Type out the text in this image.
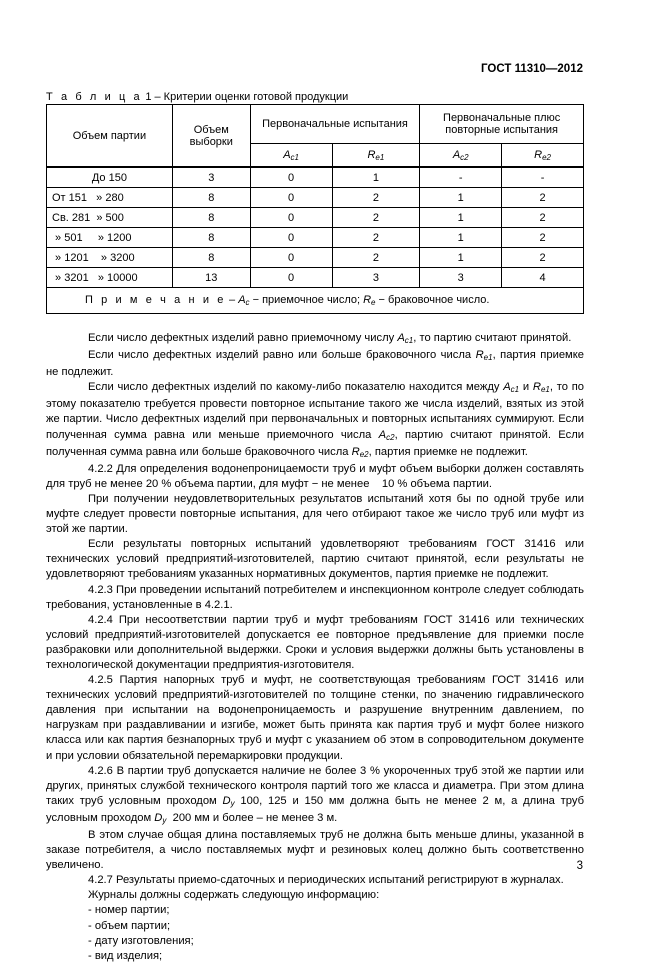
ГОСТ 11310—2012
Т а б л и ц а 1 – Критерии оценки готовой продукции
Объем партии	Объем выборки	Первоначальные испытания		Первоначальные плюс повторные испытания	
		$A_{c1}$	$R_{e1}$	$A_{c2}$	$R_{e2}$
До 150	3	0	1	-	-
От 151   » 280	8	0	2	1	2
Св. 281  » 500	8	0	2	1	2
» 501     » 1200	8	0	2	1	2
» 1201    » 3200	8	0	2	1	2
» 3201   » 10000	13	0	3	3	4
П р и м е ч а н и е – $A_c$ − приемочное число; $R_e$ − браковочное число.					

Если число дефектных изделий равно приемочному числу $A_{c1}$, то партию считают принятой.

Если число дефектных изделий равно или больше браковочного числа $R_{e1}$, партия приемке не подлежит.

Если число дефектных изделий по какому-либо показателю находится между $A_{c1}$ и $R_{e1}$, то по этому показателю требуется провести повторное испытание такого же числа изделий, взятых из этой же партии. Число дефектных изделий при первоначальных и повторных испытаниях суммируют. Если полученная сумма равна или меньше приемочного числа $A_{c2}$, партию считают принятой. Если полученная сумма равна или больше браковочного числа $R_{e2}$, партия приемке не подлежит.

4.2.2 Для определения водонепроницаемости труб и муфт объем выборки должен составлять для труб не менее 20 % объема партии, для муфт − не менее    10 % объема партии.

При получении неудовлетворительных результатов испытаний хотя бы по одной трубе или муфте следует провести повторные испытания, для чего отбирают такое же число труб или муфт из этой же партии.

Если результаты повторных испытаний удовлетворяют требованиям ГОСТ 31416 или технических условий предприятий-изготовителей, партию считают принятой, если результаты не удовлетворяют требованиям указанных нормативных документов, партия приемке не подлежит.

4.2.3 При проведении испытаний потребителем и инспекционном контроле следует соблюдать требования, установленные в 4.2.1.

4.2.4 При несоответствии партии труб и муфт требованиям ГОСТ 31416 или технических условий предприятий-изготовителей допускается ее повторное предъявление для приемки после разбраковки или дополнительной выдержки. Сроки и условия выдержки должны быть установлены в технологической документации предприятия-изготовителя.

4.2.5 Партия напорных труб и муфт, не соответствующая требованиям ГОСТ 31416 или технических условий предприятий-изготовителей по толщине стенки, по значению гидравлического давления при испытании на водонепроницаемость и разрушение внутренним давлением, по нагрузкам при раздавливании и изгибе, может быть принята как партия труб и муфт более низкого класса или как партия безнапорных труб и муфт с указанием об этом в сопроводительном документе и при условии обязательной перемаркировки продукции.

4.2.6 В партии труб допускается наличие не более 3 % укороченных труб этой же партии или других, принятых службой технического контроля партий того же класса и диаметра. При этом длина таких труб условным проходом $D_у$ 100, 125 и 150 мм должна быть не менее 2 м, а длина труб условным проходом $D_у$  200 мм и более – не менее 3 м.

В этом случае общая длина поставляемых труб не должна быть меньше длины, указанной в заказе потребителя, а число поставляемых муфт и резиновых колец должно быть соответственно увеличено.

4.2.7 Результаты приемо-сдаточных и периодических испытаний регистрируют в журналах.

Журналы должны содержать следующую информацию:

- номер партии;

- объем партии;

- дату изготовления;

- вид изделия;

3
